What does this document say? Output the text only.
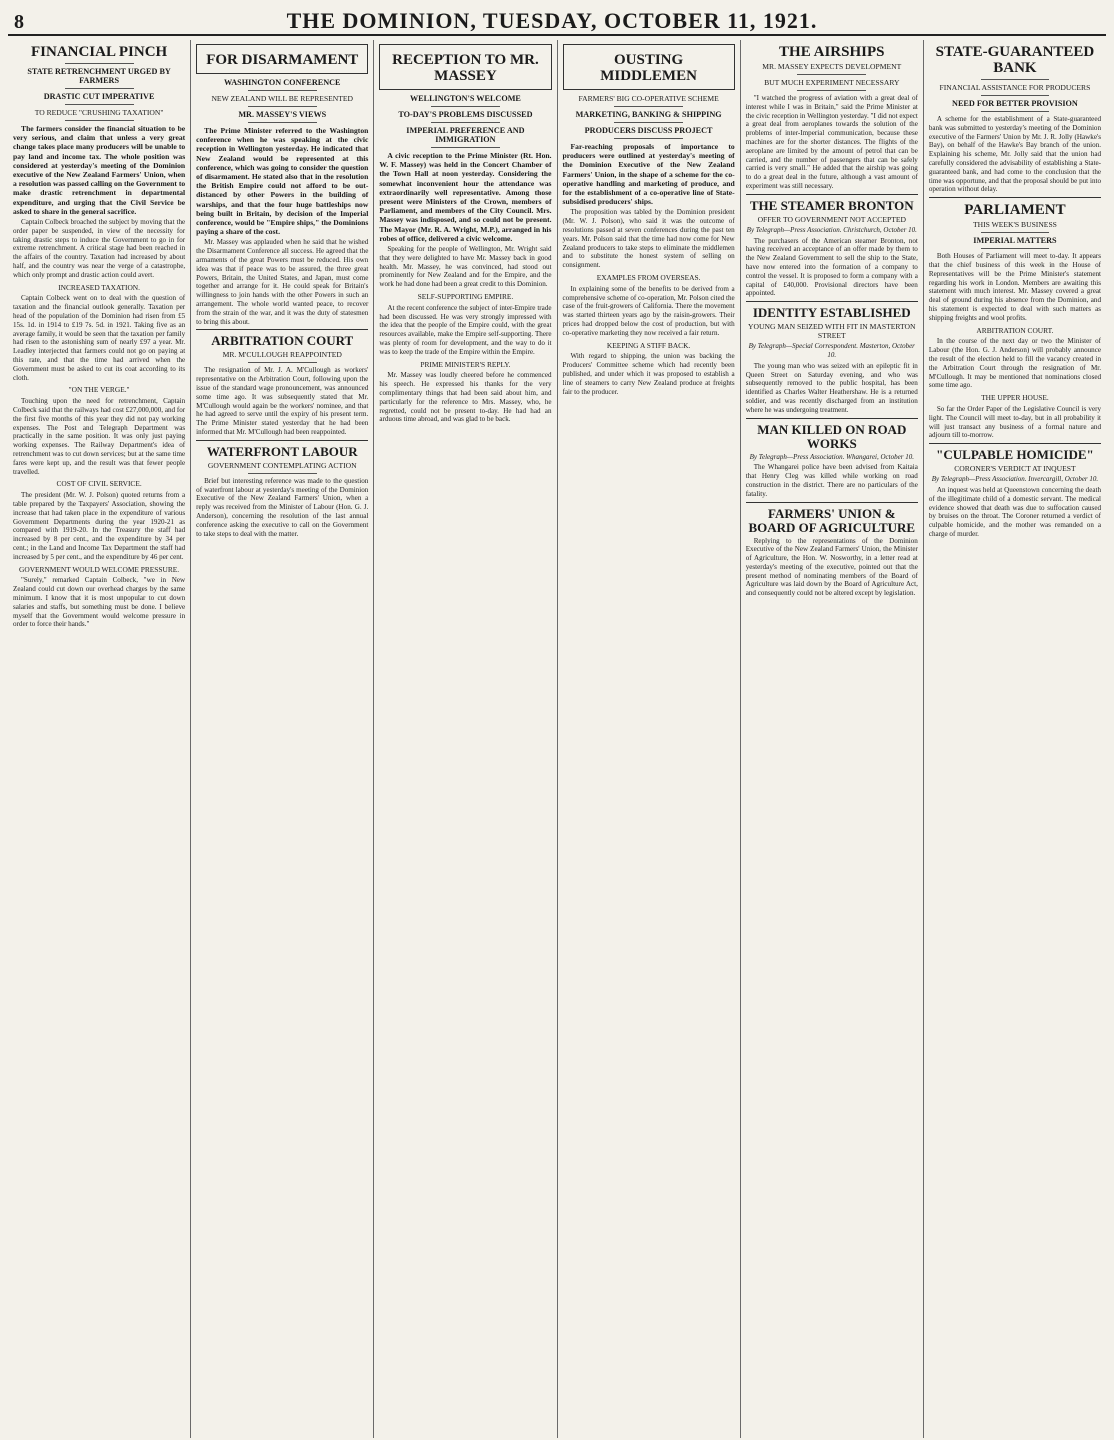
8	THE DOMINION, TUESDAY, OCTOBER 11, 1921.
FINANCIAL PINCH
STATE RETRENCHMENT URGED BY FARMERS
DRASTIC CUT IMPERATIVE
TO REDUCE "CRUSHING TAXATION"

The farmers consider the financial situation to be very serious, and claim that unless a very great change takes place many producers will be unable to pay land and income tax. The whole position was considered at yesterday's meeting of the Dominion executive of the New Zealand Farmers' Union, when a resolution was passed calling on the Government to make drastic retrenchment in departmental expenditure, and urging that the Civil Service be asked to share in the general sacrifice.

Captain Colbeck broached the subject by moving that the order paper be suspended, in view of the necessity for taking drastic steps to induce the Government to go in for extreme retrenchment. A critical stage had been reached in the affairs of the country. Taxation had increased by about half, and the country was near the verge of a catastrophe, which only prompt and drastic action could avert.

INCREASED TAXATION.

Captain Colbeck went on to deal with the question of taxation and the financial outlook generally. Taxation per head of the population of the Dominion had risen from £5 15s. 1d. in 1914 to £19 7s. 5d. in 1921. Taking five as an average family, it would be seen that the taxation per family had risen to the astonishing sum of nearly £97 a year. Mr. Leadley interjected that farmers could not go on paying at this rate, and that the time had arrived when the Government must be asked to cut its coat according to its cloth.

"ON THE VERGE."

Touching upon the need for retrenchment, Captain Colbeck said that the railways had cost £27,000,000, and for the first five months of this year they did not pay working expenses. The Post and Telegraph Department was practically in the same position. It was only just paying working expenses. The Railway Department's idea of retrenchment was to cut down services; but at the same time fares were kept up, and the result was that fewer people travelled.

COST OF CIVIL SERVICE.

The president (Mr. W. J. Polson) quoted returns from a table prepared by the Taxpayers' Association, showing the increase that had taken place in the expenditure of various Government Departments during the year 1920-21 as compared with 1919-20. In the Treasury the staff had increased by 8 per cent., and the expenditure by 34 per cent.; in the Land and Income Tax Department the staff had increased by 5 per cent., and the expenditure by 46 per cent.

GOVERNMENT WOULD WELCOME PRESSURE.

"Surely," remarked Captain Colbeck, "we in New Zealand could cut down our overhead charges by the same minimum. I know that it is most unpopular to cut down salaries and staffs, but something must be done. I believe myself that the Government would welcome pressure in order to force their hands."

FOR DISARMAMENT
WASHINGTON CONFERENCE
NEW ZEALAND WILL BE REPRESENTED
MR. MASSEY'S VIEWS

The Prime Minister referred to the Washington conference when he was speaking at the civic reception in Wellington yesterday. He indicated that New Zealand would be represented at this conference, which was going to consider the question of disarmament. He stated also that in the resolution the British Empire could not afford to be out-distanced by other Powers in the building of warships, and that the four huge battleships now being built in Britain, by decision of the Imperial conference, would be "Empire ships," the Dominions paying a share of the cost.

Mr. Massey was applauded when he said that he wished the Disarmament Conference all success. He agreed that the armaments of the great Powers must be reduced. His own idea was that if peace was to be assured, the three great Powers, Britain, the United States, and Japan, must come together and arrange for it. He could speak for Britain's willingness to join hands with the other Powers in such an arrangement. The whole world wanted peace, to recover from the strain of the war, and it was the duty of statesmen to bring this about.

ARBITRATION COURT
MR. M'CULLOUGH REAPPOINTED

The resignation of Mr. J. A. M'Cullough as workers' representative on the Arbitration Court, following upon the issue of the standard wage pronouncement, was announced some time ago. It was subsequently stated that Mr. M'Cullough would again be the workers' nominee, and that he had agreed to serve until the expiry of his present term. The Prime Minister stated yesterday that he had been informed that Mr. M'Cullough had been reappointed.

WATERFRONT LABOUR
GOVERNMENT CONTEMPLATING ACTION

Brief but interesting reference was made to the question of waterfront labour at yesterday's meeting of the Dominion Executive of the New Zealand Farmers' Union, when a reply was received from the Minister of Labour (Hon. G. J. Anderson), concerning the resolution of the last annual conference asking the executive to call on the Government to take steps to deal with the matter.

RECEPTION TO MR. MASSEY
WELLINGTON'S WELCOME
TO-DAY'S PROBLEMS DISCUSSED
IMPERIAL PREFERENCE AND IMMIGRATION

A civic reception to the Prime Minister (Rt. Hon. W. F. Massey) was held in the Concert Chamber of the Town Hall at noon yesterday. Considering the somewhat inconvenient hour the attendance was extraordinarily well representative. Among those present were Ministers of the Crown, members of Parliament, and members of the City Council. Mrs. Massey was indisposed, and so could not be present. The Mayor (Mr. R. A. Wright, M.P.), arranged in his robes of office, delivered a civic welcome.

Speaking for the people of Wellington, Mr. Wright said that they were delighted to have Mr. Massey back in good health. Mr. Massey, he was convinced, had stood out prominently for New Zealand and for the Empire, and the work he had done had been a great credit to this Dominion.

SELF-SUPPORTING EMPIRE.

At the recent conference the subject of inter-Empire trade had been discussed. He was very strongly impressed with the idea that the people of the Empire could, with the great resources available, make the Empire self-supporting. There was plenty of room for development, and the way to do it was to keep the trade of the Empire within the Empire.

PRIME MINISTER'S REPLY.

Mr. Massey was loudly cheered before he commenced his speech. He expressed his thanks for the very complimentary things that had been said about him, and particularly for the reference to Mrs. Massey, who, he regretted, could not be present to-day. He had had an arduous time abroad, and was glad to be back.

OUSTING MIDDLEMEN
FARMERS' BIG CO-OPERATIVE SCHEME
MARKETING, BANKING & SHIPPING
PRODUCERS DISCUSS PROJECT

Far-reaching proposals of importance to producers were outlined at yesterday's meeting of the Dominion Executive of the New Zealand Farmers' Union, in the shape of a scheme for the co-operative handling and marketing of produce, and for the establishment of a co-operative line of State-subsidised producers' ships.

The proposition was tabled by the Dominion president (Mr. W. J. Polson), who said it was the outcome of resolutions passed at seven conferences during the past ten years. Mr. Polson said that the time had now come for New Zealand producers to take steps to eliminate the middlemen and to substitute the honest system of selling on consignment.

EXAMPLES FROM OVERSEAS.

In explaining some of the benefits to be derived from a comprehensive scheme of co-operation, Mr. Polson cited the case of the fruit-growers of California. There the movement was started thirteen years ago by the raisin-growers. Their prices had dropped below the cost of production, but with co-operative marketing they now received a fair return.

KEEPING A STIFF BACK.

With regard to shipping, the union was backing the Producers' Committee scheme which had recently been published, and under which it was proposed to establish a line of steamers to carry New Zealand produce at freights fair to the producer.

THE AIRSHIPS
MR. MASSEY EXPECTS DEVELOPMENT
BUT MUCH EXPERIMENT NECESSARY

"I watched the progress of aviation with a great deal of interest while I was in Britain," said the Prime Minister at the civic reception in Wellington yesterday. "I did not expect a great deal from aeroplanes towards the solution of the problems of inter-Imperial communication, because these machines are for the shorter distances. The flights of the aeroplane are limited by the amount of petrol that can be carried, and the number of passengers that can be safely carried is very small." He added that the airship was going to do a great deal in the future, although a vast amount of experiment was still necessary.

THE STEAMER BRONTON
OFFER TO GOVERNMENT NOT ACCEPTED
By Telegraph—Press Association. Christchurch, October 10.

The purchasers of the American steamer Bronton, not having received an acceptance of an offer made by them to the New Zealand Government to sell the ship to the State, have now entered into the formation of a company to control the vessel. It is proposed to form a company with a capital of £40,000. Provisional directors have been appointed.

IDENTITY ESTABLISHED
YOUNG MAN SEIZED WITH FIT IN MASTERTON STREET
By Telegraph—Special Correspondent. Masterton, October 10.

The young man who was seized with an epileptic fit in Queen Street on Saturday evening, and who was subsequently removed to the public hospital, has been identified as Charles Walter Heathershaw. He is a returned soldier, and was recently discharged from an institution where he was undergoing treatment.

MAN KILLED ON ROAD WORKS
By Telegraph—Press Association. Whangarei, October 10.

The Whangarei police have been advised from Kaitaia that Henry Cleg was killed while working on road construction in the district. There are no particulars of the fatality.

FARMERS' UNION & BOARD OF AGRICULTURE

Replying to the representations of the Dominion Executive of the New Zealand Farmers' Union, the Minister of Agriculture, the Hon. W. Nosworthy, in a letter read at yesterday's meeting of the executive, pointed out that the present method of nominating members of the Board of Agriculture was laid down by the Board of Agriculture Act, and consequently could not be altered except by legislation.

STATE-GUARANTEED BANK
FINANCIAL ASSISTANCE FOR PRODUCERS
NEED FOR BETTER PROVISION

A scheme for the establishment of a State-guaranteed bank was submitted to yesterday's meeting of the Dominion executive of the Farmers' Union by Mr. J. R. Jolly (Hawke's Bay), on behalf of the Hawke's Bay branch of the union. Explaining his scheme, Mr. Jolly said that the union had carefully considered the advisability of establishing a State-guaranteed bank, and had come to the conclusion that the time was opportune, and that the proposal should be put into operation without delay.

PARLIAMENT
THIS WEEK'S BUSINESS
IMPERIAL MATTERS

Both Houses of Parliament will meet to-day. It appears that the chief business of this week in the House of Representatives will be the Prime Minister's statement regarding his work in London. Members are awaiting this statement with much interest. Mr. Massey covered a great deal of ground during his absence from the Dominion, and his statement is expected to deal with such matters as shipping freights and wool profits.

ARBITRATION COURT.

In the course of the next day or two the Minister of Labour (the Hon. G. J. Anderson) will probably announce the result of the election held to fill the vacancy created in the Arbitration Court through the resignation of Mr. M'Cullough. It may be mentioned that nominations closed some time ago.

THE UPPER HOUSE.

So far the Order Paper of the Legislative Council is very light. The Council will meet to-day, but in all probability it will just transact any business of a formal nature and adjourn till to-morrow.

"CULPABLE HOMICIDE"
CORONER'S VERDICT AT INQUEST
By Telegraph—Press Association. Invercargill, October 10.

An inquest was held at Queenstown concerning the death of the illegitimate child of a domestic servant. The medical evidence showed that death was due to suffocation caused by bruises on the throat. The Coroner returned a verdict of culpable homicide, and the mother was remanded on a charge of murder.
